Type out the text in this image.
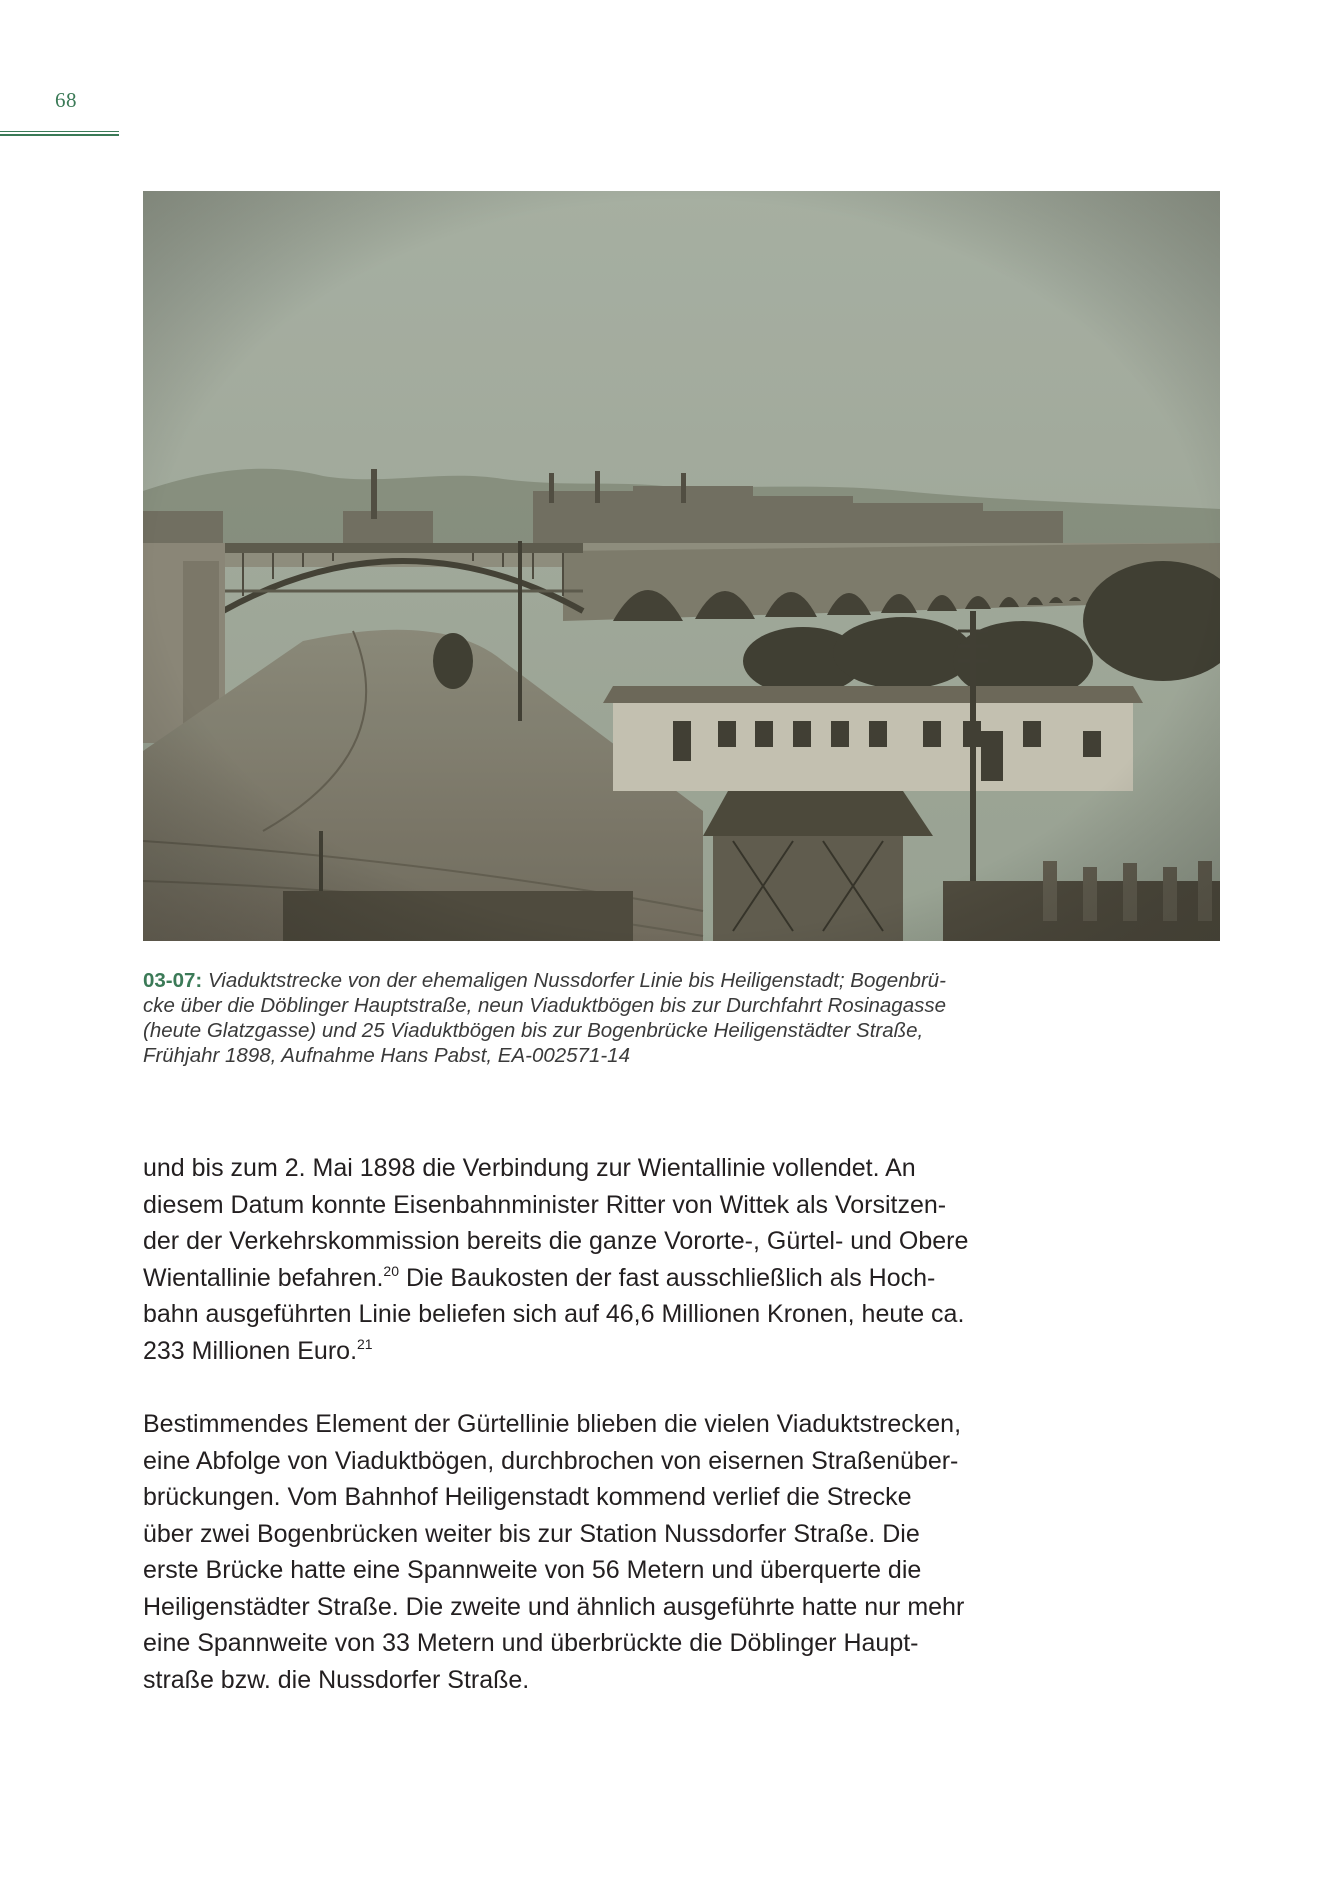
68
03-07: Viaduktstrecke von der ehemaligen Nussdorfer Linie bis Heiligenstadt; Bogenbrü-
cke über die Döblinger Hauptstraße, neun Viaduktbögen bis zur Durchfahrt Rosinagasse
(heute Glatzgasse) und 25 Viaduktbögen bis zur Bogenbrücke Heiligenstädter Straße,
Frühjahr 1898, Aufnahme Hans Pabst, EA-002571-14
und bis zum 2. Mai 1898 die Verbindung zur Wientallinie vollendet. An
diesem Datum konnte Eisenbahnminister Ritter von Wittek als Vorsitzen-
der der Verkehrskommission bereits die ganze Vororte-, Gürtel- und Obere
Wientallinie befahren.$^{20}$ Die Baukosten der fast ausschließlich als Hoch-
bahn ausgeführten Linie beliefen sich auf 46,6 Millionen Kronen, heute ca.
233 Millionen Euro.$^{21}$
Bestimmendes Element der Gürtellinie blieben die vielen Viaduktstrecken,
eine Abfolge von Viaduktbögen, durchbrochen von eisernen Straßenüber-
brückungen. Vom Bahnhof Heiligenstadt kommend verlief die Strecke
über zwei Bogenbrücken weiter bis zur Station Nussdorfer Straße. Die
erste Brücke hatte eine Spannweite von 56 Metern und überquerte die
Heiligenstädter Straße. Die zweite und ähnlich ausgeführte hatte nur mehr
eine Spannweite von 33 Metern und überbrückte die Döblinger Haupt-
straße bzw. die Nussdorfer Straße.
